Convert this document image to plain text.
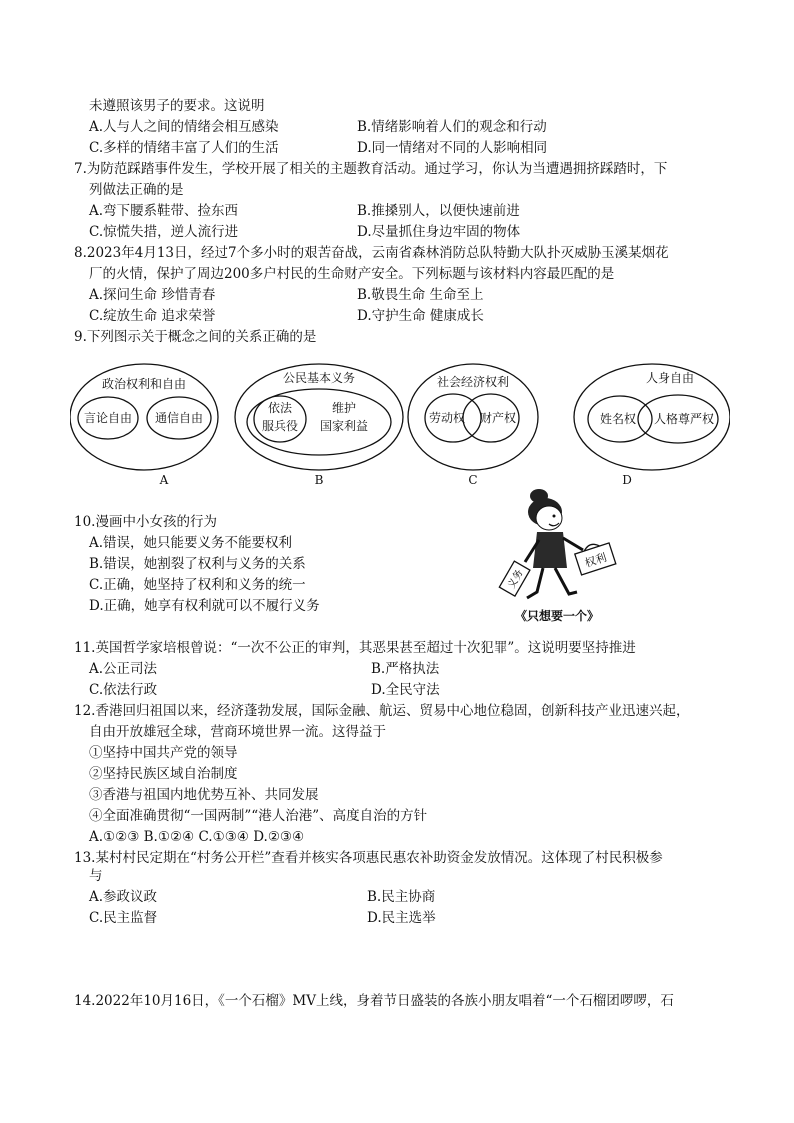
未遵照该男子的要求。这说明
A.人与人之间的情绪会相互感染	B.情绪影响着人们的观念和行动
C.多样的情绪丰富了人们的生活	D.同一情绪对不同的人影响相同
7.为防范踩踏事件发生，学校开展了相关的主题教育活动。通过学习，你认为当遭遇拥挤踩踏时，下
列做法正确的是
A.弯下腰系鞋带、捡东西	B.推搡别人，以便快速前进
C.惊慌失措，逆人流行进	D.尽量抓住身边牢固的物体
8.2023年4月13日，经过7个多小时的艰苦奋战，云南省森林消防总队特勤大队扑灭威胁玉溪某烟花
厂的火情，保护了周边200多户村民的生命财产安全。下列标题与该材料内容最匹配的是
A.探问生命 珍惜青春	B.敬畏生命 生命至上
C.绽放生命 追求荣誉	D.守护生命 健康成长
9.下列图示关于概念之间的关系正确的是
政治权利和自由
言论自由 通信自由
公民基本义务
依法
服兵役
维护
国家利益
社会经济权利
劳动权 财产权
人身自由
姓名权 人格尊严权
A	B	C	D
10.漫画中小女孩的行为
A.错误，她只能要义务不能要权利
B.错误，她割裂了权利与义务的关系
C.正确，她坚持了权利和义务的统一
D.正确，她享有权利就可以不履行义务
权利
义务
《只想要一个》
11.英国哲学家培根曾说：“一次不公正的审判，其恶果甚至超过十次犯罪”。这说明要坚持推进
A.公正司法	B.严格执法
C.依法行政	D.全民守法
12.香港回归祖国以来，经济蓬勃发展，国际金融、航运、贸易中心地位稳固，创新科技产业迅速兴起，
自由开放雄冠全球，营商环境世界一流。这得益于
①坚持中国共产党的领导
②坚持民族区域自治制度
③香港与祖国内地优势互补、共同发展
④全面准确贯彻“一国两制”“港人治港”、高度自治的方针
A.①②③ B.①②④ C.①③④ D.②③④
13.某村村民定期在“村务公开栏”查看并核实各项惠民惠农补助资金发放情况。这体现了村民积极参
与
A.参政议政	B.民主协商
C.民主监督	D.民主选举
14.2022年10月16日，《一个石榴》MV上线，身着节日盛装的各族小朋友唱着“一个石榴团啰啰，石
